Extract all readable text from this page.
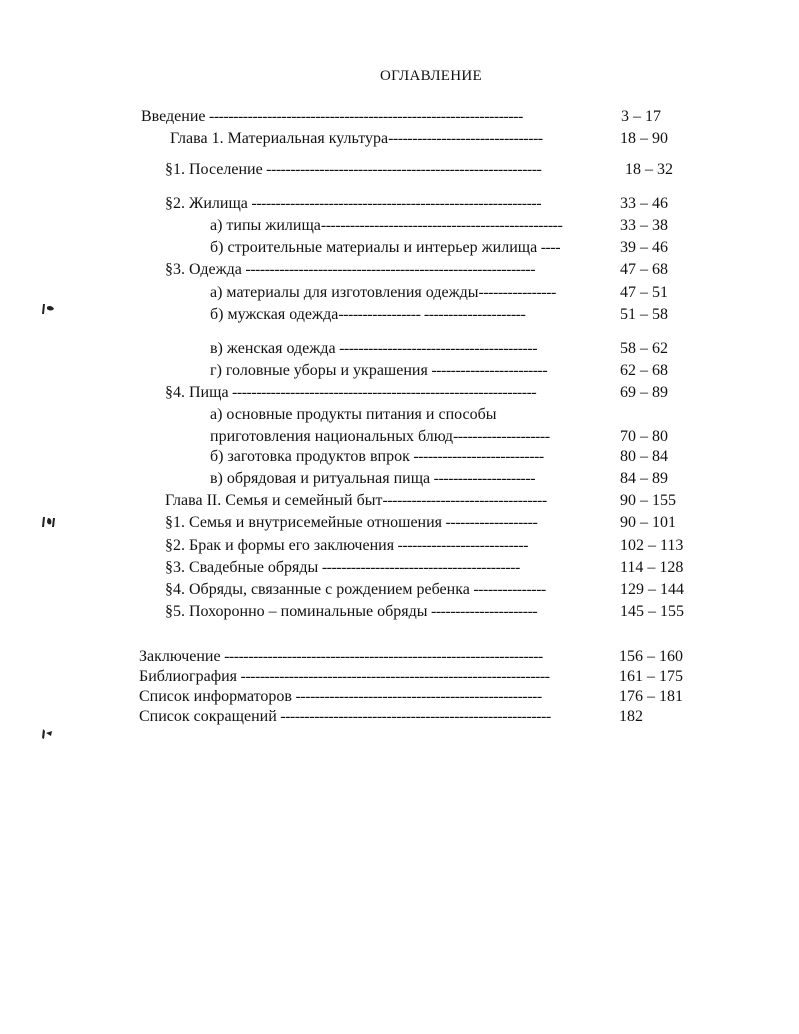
ОГЛАВЛЕНИЕ
Введение -----------------------------------------------------------------	3 – 17
Глава 1. Материальная культура--------------------------------	18 – 90
§1. Поселение ---------------------------------------------------------	18 – 32
§2. Жилища ------------------------------------------------------------	33 – 46
а) типы жилища--------------------------------------------------	33 – 38
б) строительные материалы и интерьер жилища ----	39 – 46
§3. Одежда ------------------------------------------------------------	47 – 68
а) материалы для изготовления одежды----------------	47 – 51
б) мужская одежда----------------- ---------------------	51 – 58
в) женская одежда -----------------------------------------	58 – 62
г) головные уборы и украшения ------------------------	62 – 68
§4. Пища ---------------------------------------------------------------	69 – 89
а) основные продукты питания и способы
приготовления национальных блюд--------------------	70 – 80
б) заготовка продуктов впрок ---------------------------	80 – 84
в) обрядовая и ритуальная пища ---------------------	84 – 89
Глава II. Семья и семейный быт----------------------------------	90 – 155
§1. Семья и внутрисемейные отношения -------------------	90 – 101
§2. Брак и формы его заключения ---------------------------	102 – 113
§3. Свадебные обряды -----------------------------------------	114 – 128
§4. Обряды, связанные с рождением ребенка ---------------	129 – 144
§5. Похоронно – поминальные обряды ----------------------	145 – 155
Заключение ------------------------------------------------------------------	156 – 160
Библиография ----------------------------------------------------------------	161 – 175
Список информаторов ---------------------------------------------------	176 – 181
Список сокращений --------------------------------------------------------	182
